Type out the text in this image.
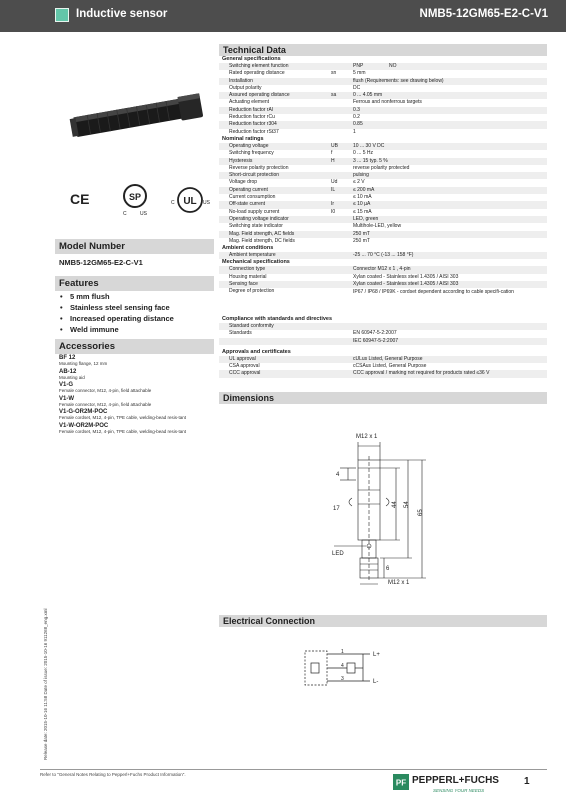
Inductive sensor	NMB5-12GM65-E2-C-V1
CE	SP
C	US
UL
C	US
Model Number
NMB5-12GM65-E2-C-V1
Features
• 5 mm flush
• Stainless steel sensing face
• Increased operating distance
• Weld immune
Accessories
BF 12
Mounting flange, 12 mm
AB-12
Mounting aid
V1-G
Female connector, M12, 4-pin, field attachable
V1-W
Female connector, M12, 4-pin, field attachable
V1-G-OR2M-POC
Female cordset, M12, 4-pin, TPE cable, welding-bead resis-tant
V1-W-OR2M-POC
Female cordset, M12, 4-pin, TPE cable, welding-bead resis-tant
Release date: 2015-10-16 11:58 Date of issue: 2015-10-16 911268_eng.xml
Technical Data
General specifications
Switching element function	PNP	NO
Rated operating distance	sn	5 mm
Installation	flush (Requirements: see drawing below)
Output polarity	DC
Assured operating distance	sa	0 ... 4.05 mm
Actuating element	Ferrous and nonferrous targets
Reduction factor rAl	0.3
Reduction factor rCu	0.2
Reduction factor r304	0.85
Reduction factor rSt37	1
Nominal ratings
Operating voltage	UB	10 ... 30 V DC
Switching frequency	f	0 ... 5 Hz
Hysteresis	H	3 ... 15 typ. 5 %
Reverse polarity protection	reverse polarity protected
Short-circuit protection	pulsing
Voltage drop	Ud	≤ 2 V
Operating current	IL	≤ 200 mA
Current consumption	≤ 10 mA
Off-state current	Ir	≤ 10 µA
No-load supply current	I0	≤ 15 mA
Operating voltage indicator	LED, green
Switching state indicator	Multihole-LED, yellow
Mag. Field strength, AC fields	250 mT
Mag. Field strength, DC fields	250 mT
Ambient conditions
Ambient temperature	-25 ... 70 °C (-13 ... 158 °F)
Mechanical specifications
Connection type	Connector M12 x 1 , 4-pin
Housing material	Xylan coated - Stainless steel 1.4305 / AISI 303
Sensing face	Xylan coated - Stainless steel 1.4305 / AISI 303
Degree of protection	IP67 / IP68 / IP69K - cordset dependent according to cable specifi-cation
Compliance with standards and directives
Standard conformity
Standards	EN 60947-5-2:2007
IEC 60947-5-2:2007
Approvals and certificates
UL approval	cULus Listed, General Purpose
CSA approval	cCSAus Listed, General Purpose
CCC approval	CCC approval / marking not required for products rated ≤36 V
Dimensions
M12 x 1
4
44 54
65
17
6
LED
M12 x 1
Electrical Connection
1
4
3
L+
L-
Refer to "General Notes Relating to Pepperl+Fuchs Product Information".
PF PEPPERL+FUCHS
SENSING YOUR NEEDS
1
